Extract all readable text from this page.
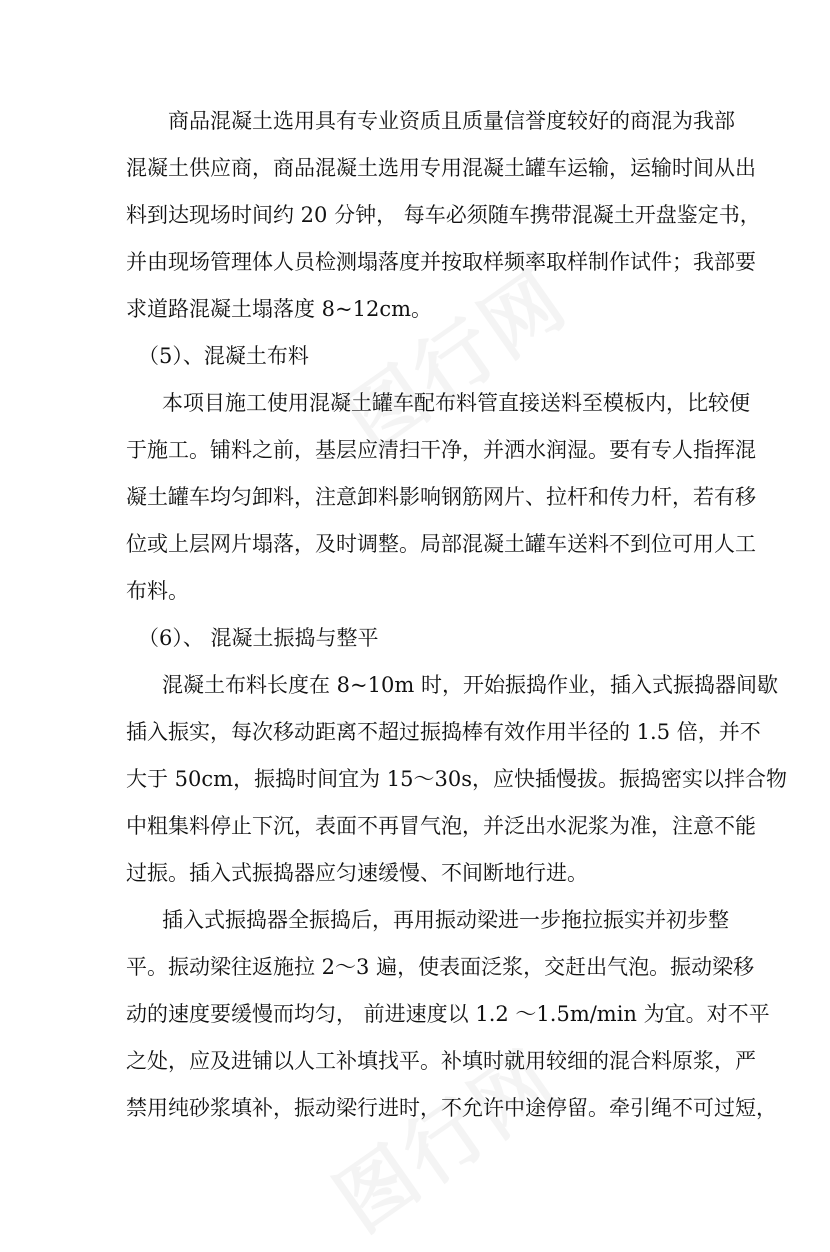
商品混凝土选用具有专业资质且质量信誉度较好的商混为我部
混凝土供应商，商品混凝土选用专用混凝土罐车运输，运输时间从出
料到达现场时间约 20 分钟， 每车必须随车携带混凝土开盘鉴定书，
并由现场管理体人员检测塌落度并按取样频率取样制作试件；我部要
求道路混凝土塌落度 8~12cm。
（5）、混凝土布料
本项目施工使用混凝土罐车配布料管直接送料至模板内，比较便
于施工。铺料之前，基层应清扫干净，并洒水润湿。要有专人指挥混
凝土罐车均匀卸料，注意卸料影响钢筋网片、拉杆和传力杆，若有移
位或上层网片塌落，及时调整。局部混凝土罐车送料不到位可用人工
布料。
（6）、 混凝土振捣与整平
混凝土布料长度在 8~10m 时，开始振捣作业，插入式振捣器间歇
插入振实，每次移动距离不超过振捣棒有效作用半径的 1.5 倍，并不
大于 50cm，振捣时间宜为 15～30s，应快插慢拔。振捣密实以拌合物
中粗集料停止下沉，表面不再冒气泡，并泛出水泥浆为准，注意不能
过振。插入式振捣器应匀速缓慢、不间断地行进。
插入式振捣器全振捣后，再用振动梁进一步拖拉振实并初步整
平。振动梁往返施拉 2～3 遍，使表面泛浆，交赶出气泡。振动梁移
动的速度要缓慢而均匀， 前进速度以 1.2 ～1.5m/min 为宜。对不平
之处，应及进铺以人工补填找平。补填时就用较细的混合料原浆，严
禁用纯砂浆填补，振动梁行进时，不允许中途停留。牵引绳不可过短，
